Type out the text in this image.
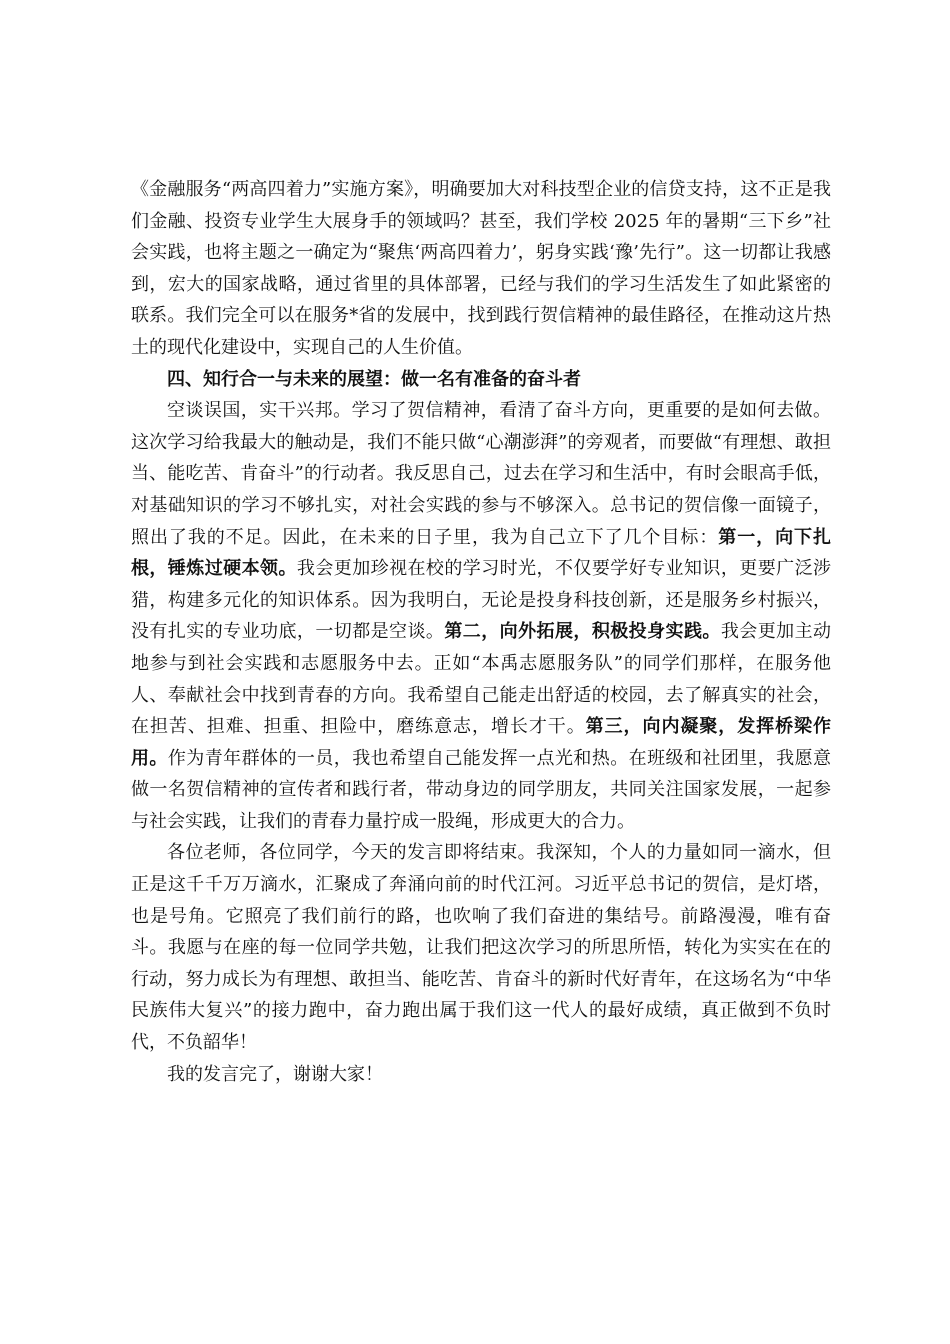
《金融服务“两高四着力”实施方案》，明确要加大对科技型企业的信贷支持，这不正是我们金融、投资专业学生大展身手的领域吗？甚至，我们学校 2025 年的暑期“三下乡”社会实践，也将主题之一确定为“聚焦‘两高四着力’，躬身实践‘豫’先行”。这一切都让我感到，宏大的国家战略，通过省里的具体部署，已经与我们的学习生活发生了如此紧密的联系。我们完全可以在服务*省的发展中，找到践行贺信精神的最佳路径，在推动这片热土的现代化建设中，实现自己的人生价值。

四、知行合一与未来的展望：做一名有准备的奋斗者

空谈误国，实干兴邦。学习了贺信精神，看清了奋斗方向，更重要的是如何去做。这次学习给我最大的触动是，我们不能只做“心潮澎湃”的旁观者，而要做“有理想、敢担当、能吃苦、肯奋斗”的行动者。我反思自己，过去在学习和生活中，有时会眼高手低，对基础知识的学习不够扎实，对社会实践的参与不够深入。总书记的贺信像一面镜子，照出了我的不足。因此，在未来的日子里，我为自己立下了几个目标：第一，向下扎根，锤炼过硬本领。我会更加珍视在校的学习时光，不仅要学好专业知识，更要广泛涉猎，构建多元化的知识体系。因为我明白，无论是投身科技创新，还是服务乡村振兴，没有扎实的专业功底，一切都是空谈。第二，向外拓展，积极投身实践。我会更加主动地参与到社会实践和志愿服务中去。正如“本禹志愿服务队”的同学们那样，在服务他人、奉献社会中找到青春的方向。我希望自己能走出舒适的校园，去了解真实的社会，在担苦、担难、担重、担险中，磨练意志，增长才干。第三，向内凝聚，发挥桥梁作用。作为青年群体的一员，我也希望自己能发挥一点光和热。在班级和社团里，我愿意做一名贺信精神的宣传者和践行者，带动身边的同学朋友，共同关注国家发展，一起参与社会实践，让我们的青春力量拧成一股绳，形成更大的合力。

各位老师，各位同学，今天的发言即将结束。我深知，个人的力量如同一滴水，但正是这千千万万滴水，汇聚成了奔涌向前的时代江河。习近平总书记的贺信，是灯塔，也是号角。它照亮了我们前行的路，也吹响了我们奋进的集结号。前路漫漫，唯有奋斗。我愿与在座的每一位同学共勉，让我们把这次学习的所思所悟，转化为实实在在的行动，努力成长为有理想、敢担当、能吃苦、肯奋斗的新时代好青年，在这场名为“中华民族伟大复兴”的接力跑中，奋力跑出属于我们这一代人的最好成绩，真正做到不负时代，不负韶华！

我的发言完了，谢谢大家！
